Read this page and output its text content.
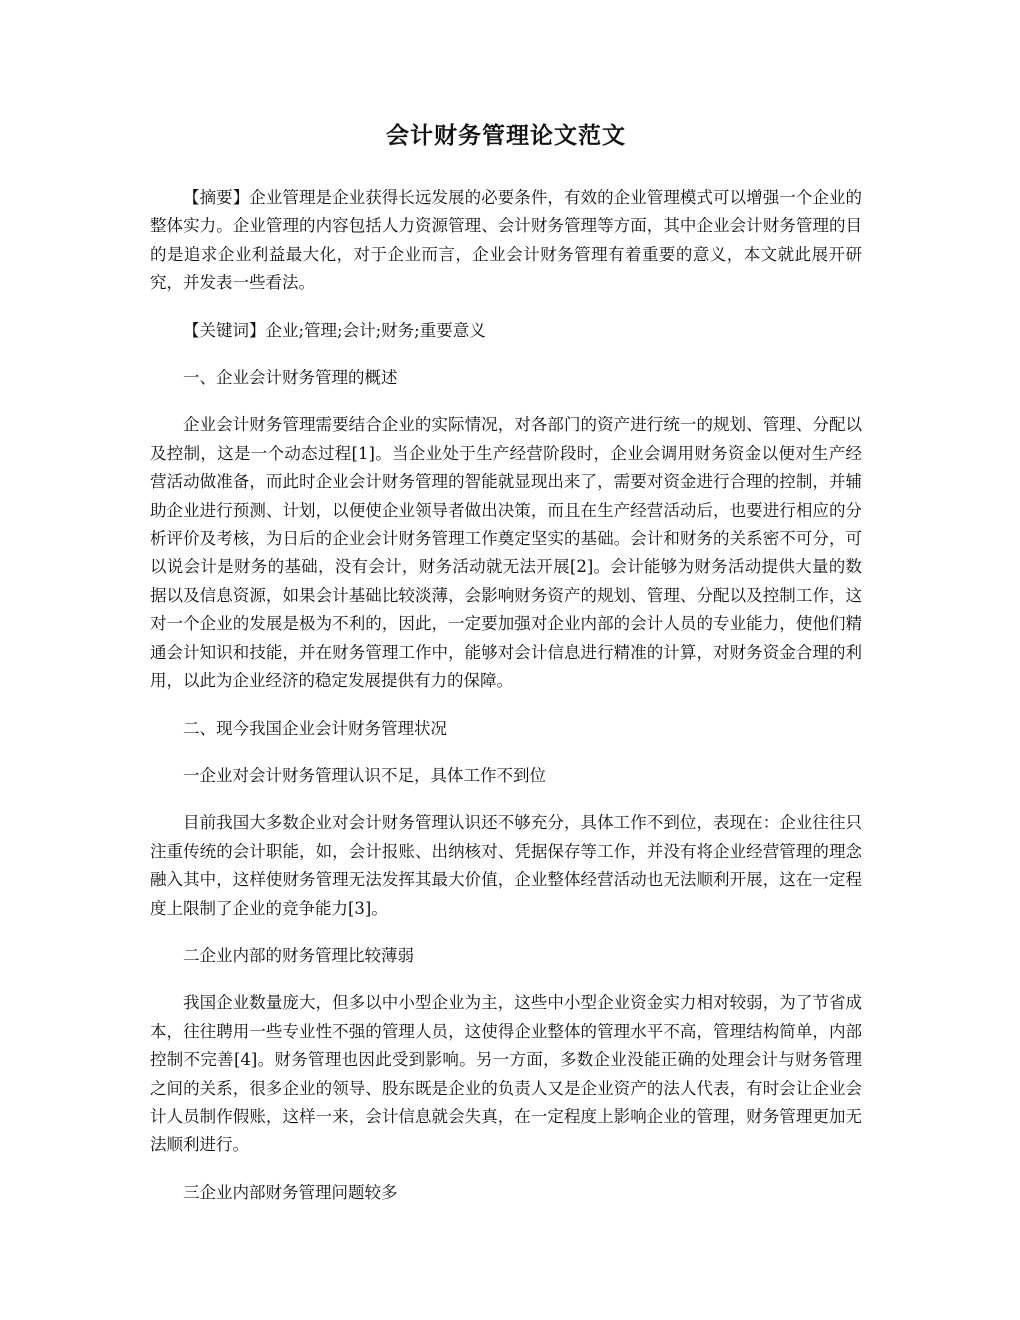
会计财务管理论文范文

【摘要】企业管理是企业获得长远发展的必要条件，有效的企业管理模式可以增强一个企业的整体实力。企业管理的内容包括人力资源管理、会计财务管理等方面，其中企业会计财务管理的目的是追求企业利益最大化，对于企业而言，企业会计财务管理有着重要的意义，本文就此展开研究，并发表一些看法。

【关键词】企业;管理;会计;财务;重要意义

一、企业会计财务管理的概述

企业会计财务管理需要结合企业的实际情况，对各部门的资产进行统一的规划、管理、分配以及控制，这是一个动态过程[1]。当企业处于生产经营阶段时，企业会调用财务资金以便对生产经营活动做准备，而此时企业会计财务管理的智能就显现出来了，需要对资金进行合理的控制，并辅助企业进行预测、计划，以便使企业领导者做出决策，而且在生产经营活动后，也要进行相应的分析评价及考核，为日后的企业会计财务管理工作奠定坚实的基础。会计和财务的关系密不可分，可以说会计是财务的基础，没有会计，财务活动就无法开展[2]。会计能够为财务活动提供大量的数据以及信息资源，如果会计基础比较淡薄，会影响财务资产的规划、管理、分配以及控制工作，这对一个企业的发展是极为不利的，因此，一定要加强对企业内部的会计人员的专业能力，使他们精通会计知识和技能，并在财务管理工作中，能够对会计信息进行精准的计算，对财务资金合理的利用，以此为企业经济的稳定发展提供有力的保障。

二、现今我国企业会计财务管理状况

一企业对会计财务管理认识不足，具体工作不到位

目前我国大多数企业对会计财务管理认识还不够充分，具体工作不到位，表现在：企业往往只注重传统的会计职能，如，会计报账、出纳核对、凭据保存等工作，并没有将企业经营管理的理念融入其中，这样使财务管理无法发挥其最大价值，企业整体经营活动也无法顺利开展，这在一定程度上限制了企业的竞争能力[3]。

二企业内部的财务管理比较薄弱

我国企业数量庞大，但多以中小型企业为主，这些中小型企业资金实力相对较弱，为了节省成本，往往聘用一些专业性不强的管理人员，这使得企业整体的管理水平不高，管理结构简单，内部控制不完善[4]。财务管理也因此受到影响。另一方面，多数企业没能正确的处理会计与财务管理之间的关系，很多企业的领导、股东既是企业的负责人又是企业资产的法人代表，有时会让企业会计人员制作假账，这样一来，会计信息就会失真，在一定程度上影响企业的管理，财务管理更加无法顺利进行。

三企业内部财务管理问题较多
